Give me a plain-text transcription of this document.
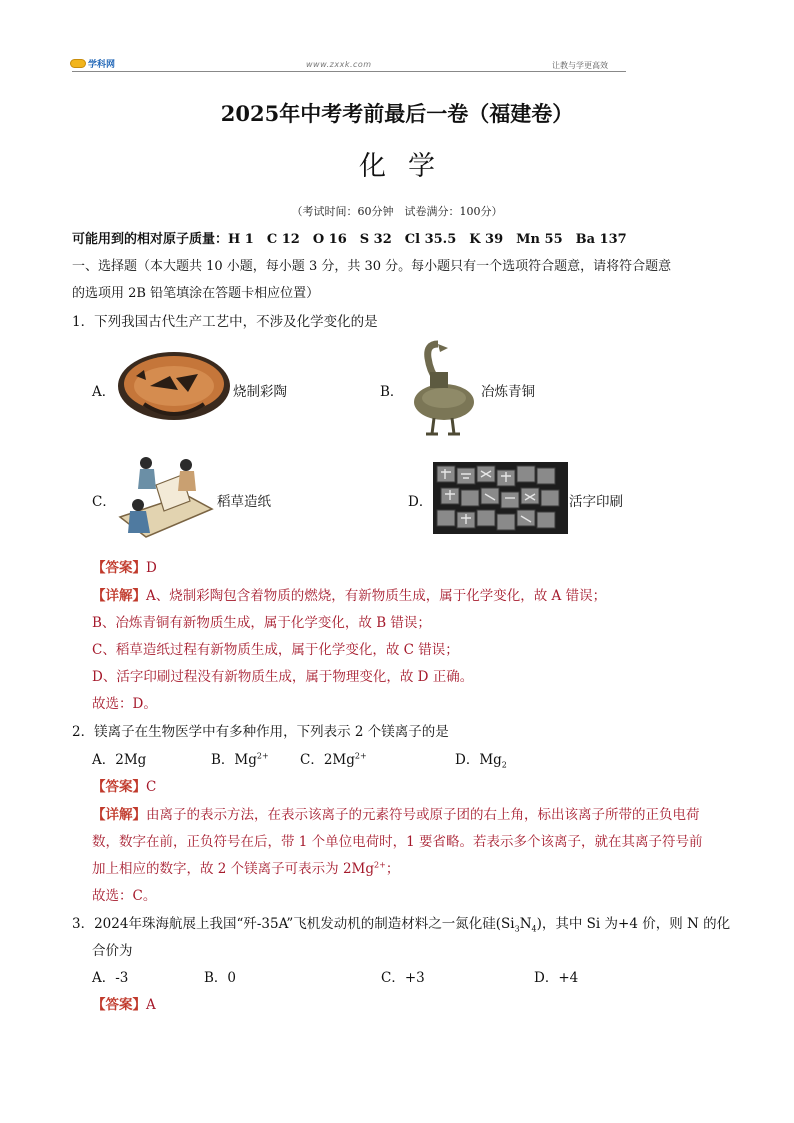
学科网	www.zxxk.com	让教与学更高效
2025年中考考前最后一卷（福建卷）
化学
（考试时间：60分钟　试卷满分：100分）
可能用到的相对原子质量：H 1　C 12　O 16　S 32　Cl 35.5　K 39　Mn 55　Ba 137
一、选择题（本大题共 10 小题，每小题 3 分，共 30 分。每小题只有一个选项符合题意，请将符合题意
的选项用 2B 铅笔填涂在答题卡相应位置）
1．下列我国古代生产工艺中，不涉及化学变化的是
A．	烧制彩陶	B．	冶炼青铜
C．	稻草造纸	D．	活字印刷
【答案】D
【详解】A、烧制彩陶包含着物质的燃烧，有新物质生成，属于化学变化，故 A 错误；
B、冶炼青铜有新物质生成，属于化学变化，故 B 错误；
C、稻草造纸过程有新物质生成，属于化学变化，故 C 错误；
D、活字印刷过程没有新物质生成，属于物理变化，故 D 正确。
故选：D。
2．镁离子在生物医学中有多种作用，下列表示 2 个镁离子的是
A．2Mg	B．$Mg^{2+}$ C．$2Mg^{2+}$	D．$Mg_2$
【答案】C
【详解】由离子的表示方法，在表示该离子的元素符号或原子团的右上角，标出该离子所带的正负电荷
数，数字在前，正负符号在后，带 1 个单位电荷时，1 要省略。若表示多个该离子，就在其离子符号前
加上相应的数字，故 2 个镁离子可表示为 $2Mg^{2+}$；
故选：C。
3．2024年珠海航展上我国“歼-35A”飞机发动机的制造材料之一氮化硅$(Si_3N_4)$，其中 Si 为+4 价，则 N 的化
合价为
A．-3	B．0	C．+3	D．+4
【答案】A
